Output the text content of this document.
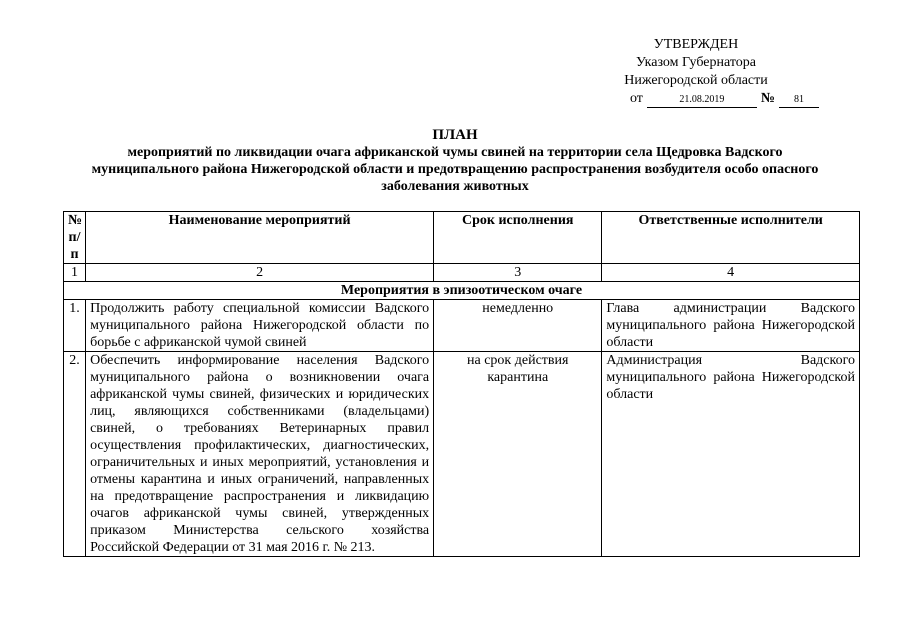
УТВЕРЖДЕН
Указом Губернатора
Нижегородской области
от	21.08.2019	№	81
ПЛАН
мероприятий по ликвидации очага африканской чумы свиней на территории села Щедровка Вадского муниципального района Нижегородской области и предотвращению распространения возбудителя особо опасного заболевания животных
№ п/п	Наименование мероприятий	Срок исполнения	Ответственные исполнители
1	2	3	4
Мероприятия в эпизоотическом очаге			
1.	Продолжить работу специальной комиссии Вадского муниципального района Нижегородской области по борьбе с африканской чумой свиней	немедленно	Глава администрации Вадского муниципального района Нижегородской области
2.	Обеспечить информирование населения Вадского муниципального района о возникновении очага африканской чумы свиней, физических и юридических лиц, являющихся собственниками (владельцами) свиней, о требованиях Ветеринарных правил осуществления профилактических, диагностических, ограничительных и иных мероприятий, установления и отмены карантина и иных ограничений, направленных на предотвращение распространения и ликвидацию очагов африканской чумы свиней, утвержденных приказом Министерства сельского хозяйства Российской Федерации от 31 мая 2016 г. № 213.	на срок действия карантина	Администрация Вадского муниципального района Нижегородской области
